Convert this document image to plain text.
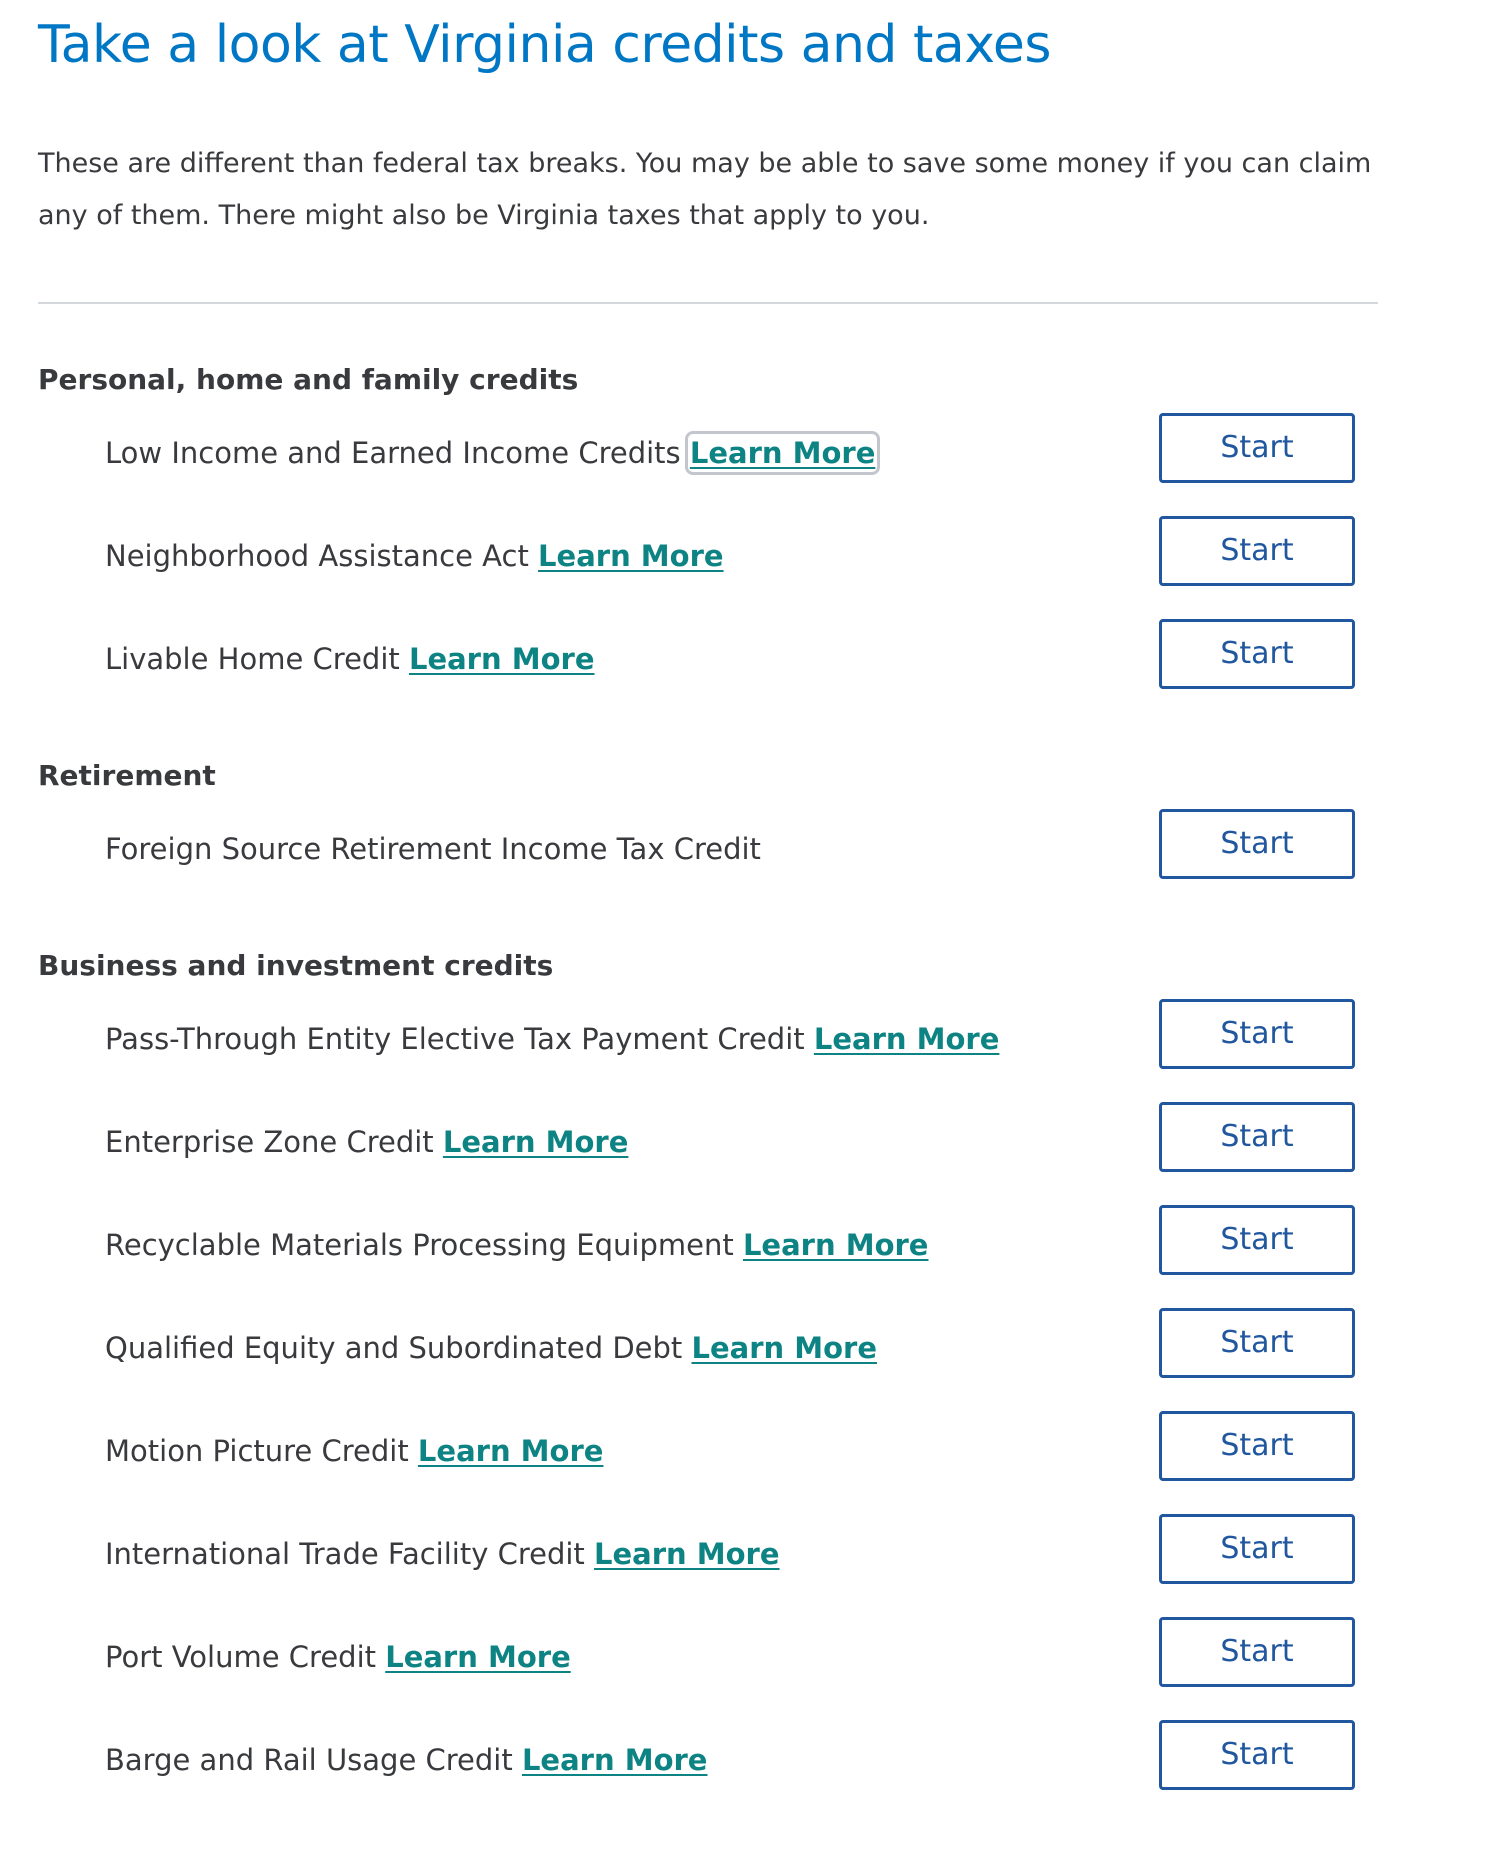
Take a look at Virginia credits and taxes

These are different than federal tax breaks. You may be able to save some money if you can claim any of them. There might also be Virginia taxes that apply to you.

Personal, home and family credits
Low Income and Earned Income Credits Learn More	Start
Neighborhood Assistance Act Learn More	Start
Livable Home Credit Learn More	Start
Retirement
Foreign Source Retirement Income Tax Credit	Start
Business and investment credits
Pass-Through Entity Elective Tax Payment Credit Learn More	Start
Enterprise Zone Credit Learn More	Start
Recyclable Materials Processing Equipment Learn More	Start
Qualified Equity and Subordinated Debt Learn More	Start
Motion Picture Credit Learn More	Start
International Trade Facility Credit Learn More	Start
Port Volume Credit Learn More	Start
Barge and Rail Usage Credit Learn More	Start
